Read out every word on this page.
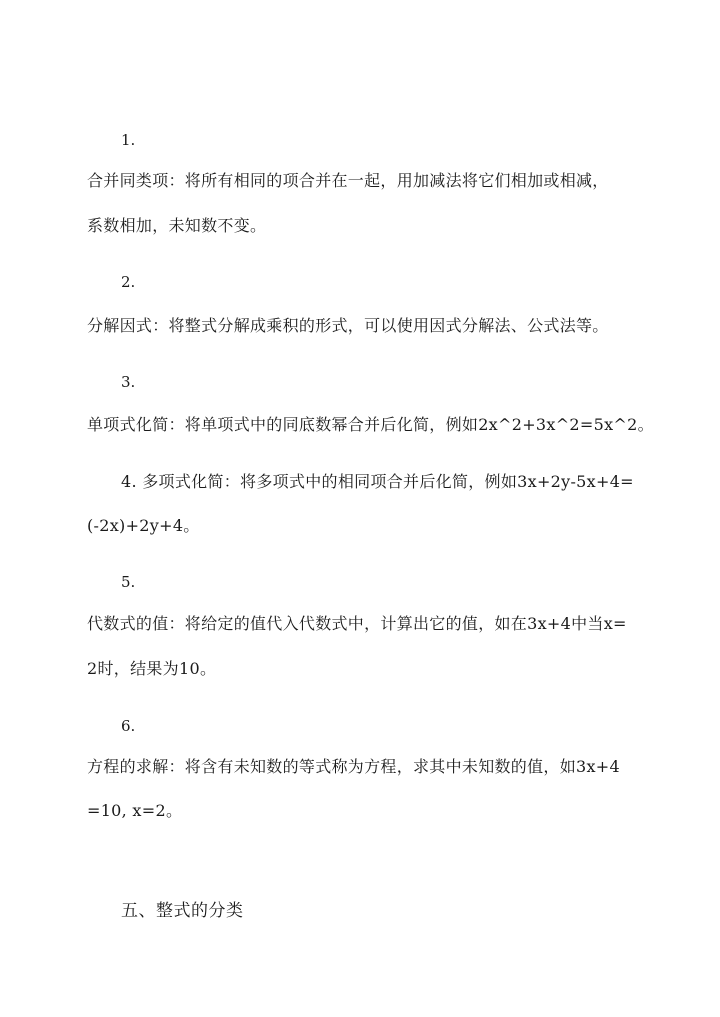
1.
合并同类项：将所有相同的项合并在一起，用加减法将它们相加或相减，
系数相加，未知数不变。
2.
分解因式：将整式分解成乘积的形式，可以使用因式分解法、公式法等。
3.
单项式化简：将单项式中的同底数幂合并后化简，例如2x^2+3x^2=5x^2。
4. 多项式化简：将多项式中的相同项合并后化简，例如3x+2y-5x+4=
(-2x)+2y+4。
5.
代数式的值：将给定的值代入代数式中，计算出它的值，如在3x+4中当x=
2时，结果为10。
6.
方程的求解：将含有未知数的等式称为方程，求其中未知数的值，如3x+4
=10, x=2。
五、整式的分类
